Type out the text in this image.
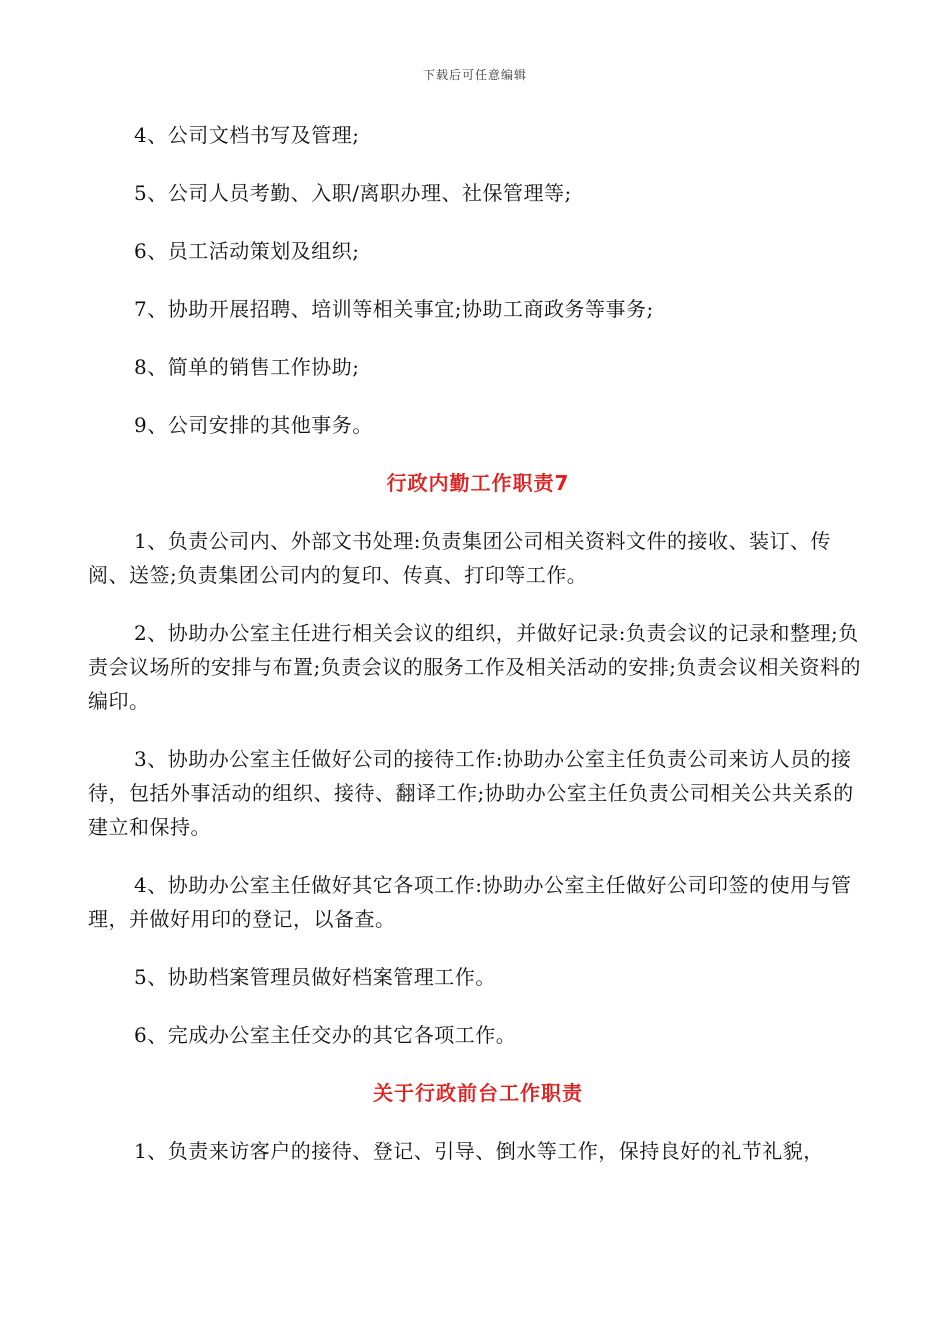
下载后可任意编辑

4、公司文档书写及管理;

5、公司人员考勤、入职/离职办理、社保管理等;

6、员工活动策划及组织;

7、协助开展招聘、培训等相关事宜;协助工商政务等事务;

8、简单的销售工作协助;

9、公司安排的其他事务。

行政内勤工作职责7

1、负责公司内、外部文书处理:负责集团公司相关资料文件的接收、装订、传阅、送签;负责集团公司内的复印、传真、打印等工作。

2、协助办公室主任进行相关会议的组织，并做好记录:负责会议的记录和整理;负责会议场所的安排与布置;负责会议的服务工作及相关活动的安排;负责会议相关资料的编印。

3、协助办公室主任做好公司的接待工作:协助办公室主任负责公司来访人员的接待，包括外事活动的组织、接待、翻译工作;协助办公室主任负责公司相关公共关系的建立和保持。

4、协助办公室主任做好其它各项工作:协助办公室主任做好公司印签的使用与管理，并做好用印的登记，以备查。

5、协助档案管理员做好档案管理工作。

6、完成办公室主任交办的其它各项工作。

关于行政前台工作职责

1、负责来访客户的接待、登记、引导、倒水等工作，保持良好的礼节礼貌，
